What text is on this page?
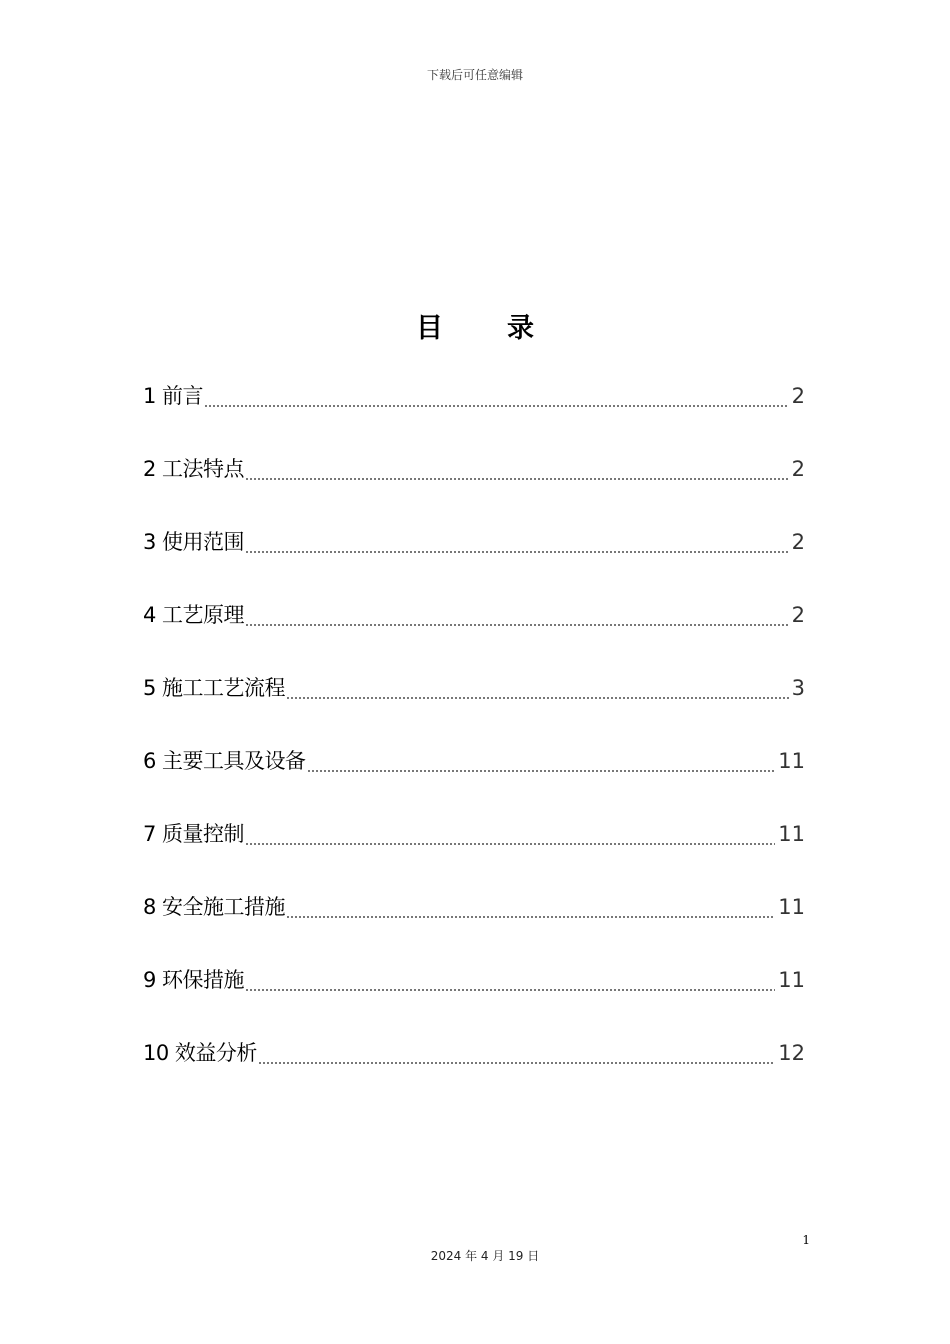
下载后可任意编辑
目 录
1 前言	2
2 工法特点	2
3 使用范围	2
4 工艺原理	2
5 施工工艺流程	3
6 主要工具及设备	11
7 质量控制	11
8 安全施工措施	11
9 环保措施	11
10 效益分析	12
1
2024 年 4 月 19 日
